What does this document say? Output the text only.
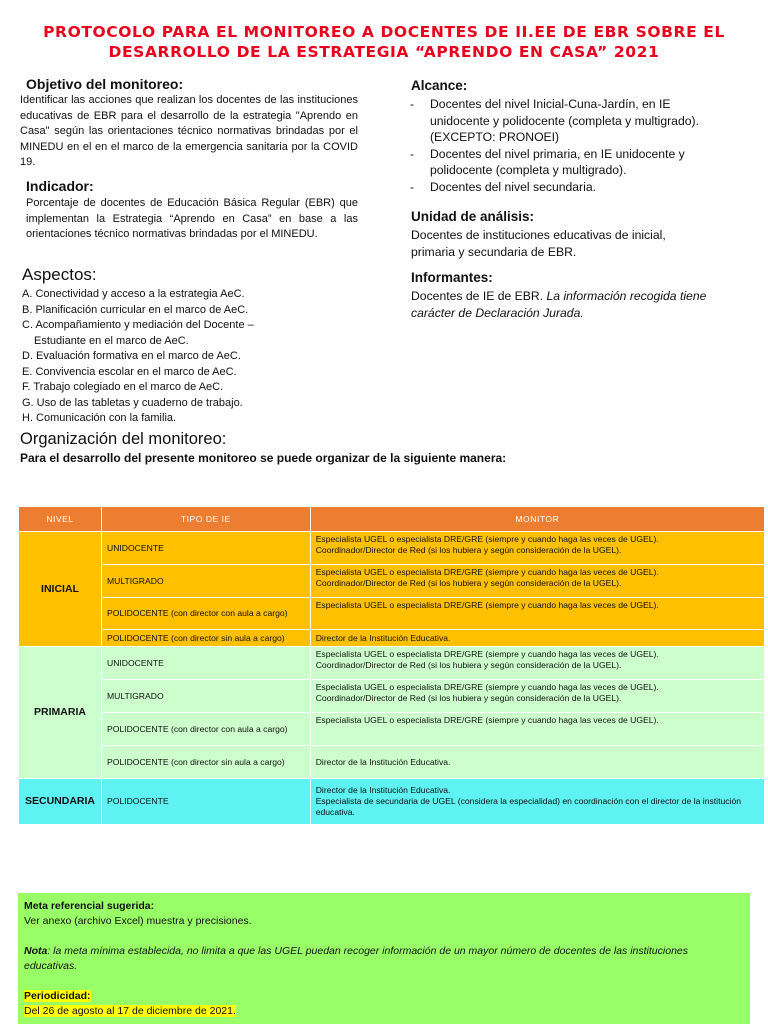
PROTOCOLO PARA EL MONITOREO A DOCENTES DE II.EE DE EBR SOBRE EL
DESARROLLO DE LA ESTRATEGIA “APRENDO EN CASA” 2021
Objetivo del monitoreo:
Identificar las acciones que realizan los docentes de las instituciones educativas de EBR para el desarrollo de la estrategia "Aprendo en Casa" según las orientaciones técnico normativas brindadas por el MINEDU en el en el marco de la emergencia sanitaria por la COVID 19.
Indicador:
Porcentaje de docentes de Educación Básica Regular (EBR) que implementan la Estrategia “Aprendo en Casa” en base a las orientaciones técnico normativas brindadas por el MINEDU.
Aspectos:
A. Conectividad y acceso a la estrategia AeC.
B. Planificación curricular en el marco de AeC.
C. Acompañamiento y mediación del Docente –
Estudiante en el marco de AeC.
D. Evaluación formativa en el marco de AeC.
E. Convivencia escolar en el marco de AeC.
F. Trabajo colegiado en el marco de AeC.
G. Uso de las tabletas y cuaderno de trabajo.
H. Comunicación con la familia.
Alcance:
- Docentes del nivel Inicial-Cuna-Jardín, en IE unidocente y polidocente (completa y multigrado). (EXCEPTO: PRONOEI)
- Docentes del nivel primaria, en IE unidocente y polidocente (completa y multigrado).
- Docentes del nivel secundaria.
Unidad de análisis:
Docentes de instituciones educativas de inicial, primaria y secundaria de EBR.
Informantes:
Docentes de IE de EBR. La información recogida tiene carácter de Declaración Jurada.
Organización del monitoreo:
Para el desarrollo del presente monitoreo se puede organizar de la siguiente manera:
NIVEL	TIPO DE IE	MONITOR
INICIAL	UNIDOCENTE	Especialista UGEL o especialista DRE/GRE (siempre y cuando haga las veces de UGEL).
Coordinador/Director de Red (si los hubiera y según consideración de la UGEL).

	MULTIGRADO	Especialista UGEL o especialista DRE/GRE (siempre y cuando haga las veces de UGEL).
Coordinador/Director de Red (si los hubiera y según consideración de la UGEL).

	POLIDOCENTE (con director con aula a cargo)	Especialista UGEL o especialista DRE/GRE (siempre y cuando haga las veces de UGEL).

	POLIDOCENTE (con director sin aula a cargo)	Director de la Institución Educativa.

PRIMARIA	UNIDOCENTE	Especialista UGEL o especialista DRE/GRE (siempre y cuando haga las veces de UGEL).
Coordinador/Director de Red (si los hubiera y según consideración de la UGEL).

	MULTIGRADO	Especialista UGEL o especialista DRE/GRE (siempre y cuando haga las veces de UGEL).
Coordinador/Director de Red (si los hubiera y según consideración de la UGEL).

	POLIDOCENTE (con director con aula a cargo)	Especialista UGEL o especialista DRE/GRE (siempre y cuando haga las veces de UGEL).

	POLIDOCENTE (con director sin aula a cargo)	Director de la Institución Educativa.

SECUNDARIA	POLIDOCENTE	Director de la Institución Educativa.
Especialista de secundaria de UGEL (considera la especialidad) en coordinación con el director de la institución educativa.
Meta referencial sugerida:
Ver anexo (archivo Excel) muestra y precisiones.
Nota: la meta mínima establecida, no limita a que las UGEL puedan recoger información de un mayor número de docentes de las instituciones educativas.
Periodicidad:
Del 26 de agosto al 17 de diciembre de 2021.
